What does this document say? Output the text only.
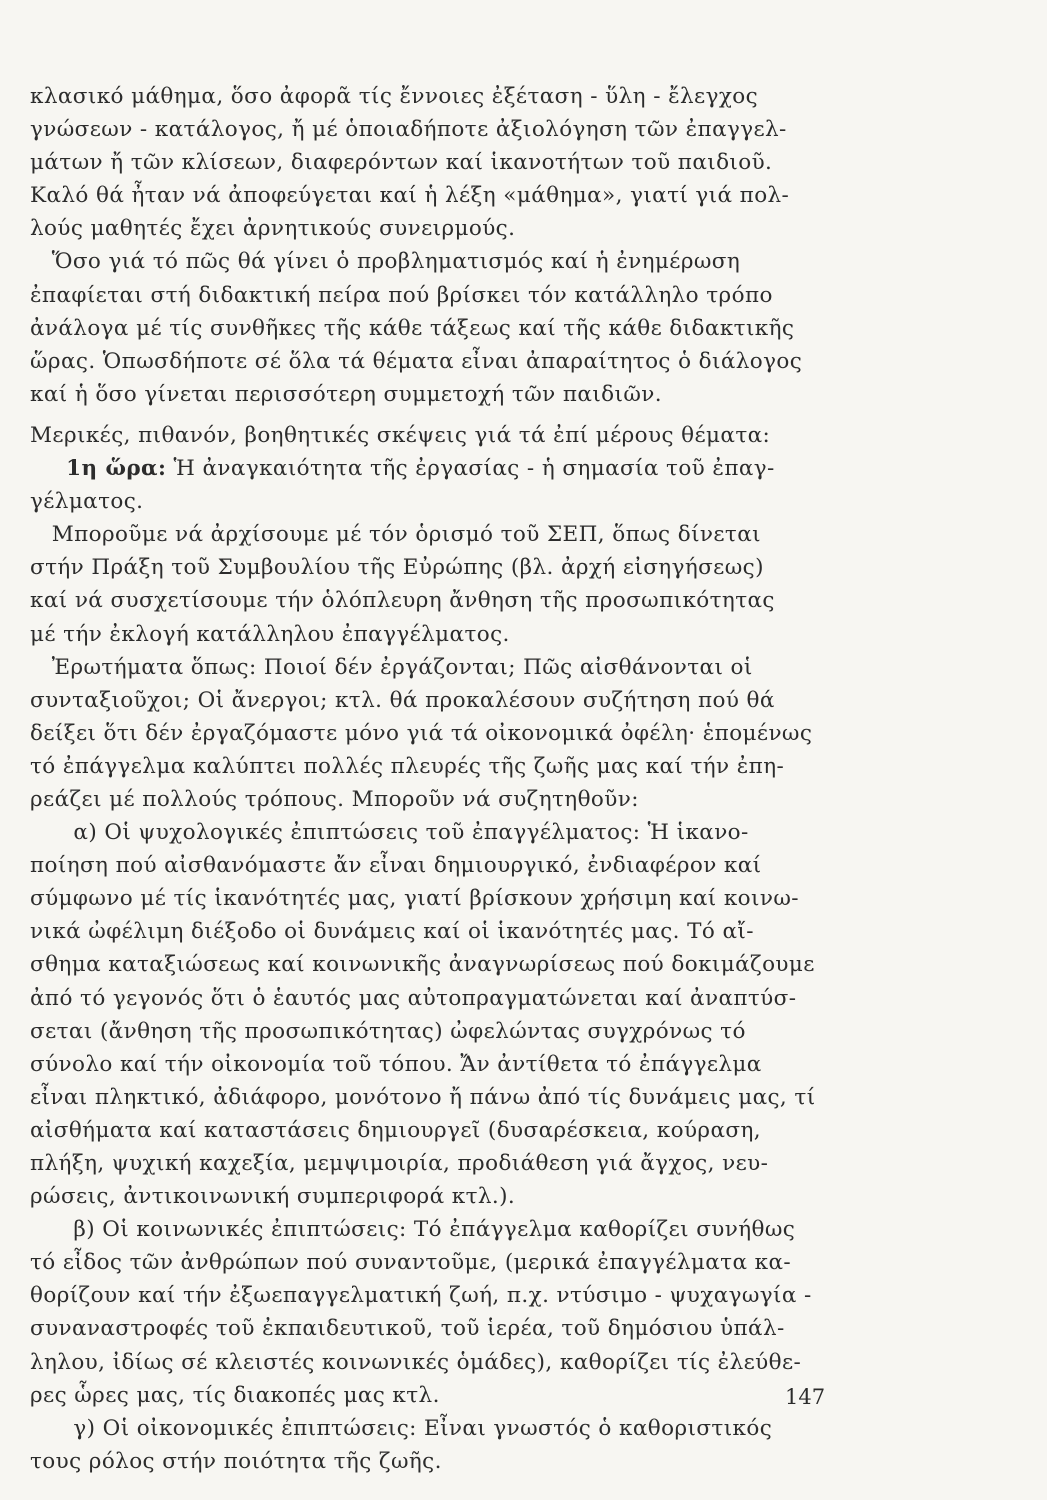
κλασικό μάθημα, ὅσο ἀφορᾶ τίς ἔννοιες ἐξέταση - ὕλη - ἔλεγχος
γνώσεων - κατάλογος, ἤ μέ ὁποιαδήποτε ἀξιολόγηση τῶν ἐπαγγελ-
μάτων ἤ τῶν κλίσεων, διαφερόντων καί ἱκανοτήτων τοῦ παιδιοῦ.
Καλό θά ἦταν νά ἀποφεύγεται καί ἡ λέξη «μάθημα», γιατί γιά πολ-
λούς μαθητές ἔχει ἀρνητικούς συνειρμούς.
Ὅσο γιά τό πῶς θά γίνει ὁ προβληματισμός καί ἡ ἐνημέρωση
ἐπαφίεται στή διδακτική πείρα πού βρίσκει τόν κατάλληλο τρόπο
ἀνάλογα μέ τίς συνθῆκες τῆς κάθε τάξεως καί τῆς κάθε διδακτικῆς
ὥρας. Ὁπωσδήποτε σέ ὅλα τά θέματα εἶναι ἀπαραίτητος ὁ διάλογος
καί ἡ ὅσο γίνεται περισσότερη συμμετοχή τῶν παιδιῶν.
Μερικές, πιθανόν, βοηθητικές σκέψεις γιά τά ἐπί μέρους θέματα:
1η ὥρα: Ἡ ἀναγκαιότητα τῆς ἐργασίας - ἡ σημασία τοῦ ἐπαγ-
γέλματος.
Μποροῦμε νά ἀρχίσουμε μέ τόν ὁρισμό τοῦ ΣΕΠ, ὅπως δίνεται
στήν Πράξη τοῦ Συμβουλίου τῆς Εὐρώπης (βλ. ἀρχή εἰσηγήσεως)
καί νά συσχετίσουμε τήν ὁλόπλευρη ἄνθηση τῆς προσωπικότητας
μέ τήν ἐκλογή κατάλληλου ἐπαγγέλματος.
Ἐρωτήματα ὅπως: Ποιοί δέν ἐργάζονται; Πῶς αἰσθάνονται οἱ
συνταξιοῦχοι; Οἱ ἄνεργοι; κτλ. θά προκαλέσουν συζήτηση πού θά
δείξει ὅτι δέν ἐργαζόμαστε μόνο γιά τά οἰκονομικά ὀφέλη· ἑπομένως
τό ἐπάγγελμα καλύπτει πολλές πλευρές τῆς ζωῆς μας καί τήν ἐπη-
ρεάζει μέ πολλούς τρόπους. Μποροῦν νά συζητηθοῦν:
α) Οἱ ψυχολογικές ἐπιπτώσεις τοῦ ἐπαγγέλματος: Ἡ ἱκανο-
ποίηση πού αἰσθανόμαστε ἄν εἶναι δημιουργικό, ἐνδιαφέρον καί
σύμφωνο μέ τίς ἱκανότητές μας, γιατί βρίσκουν χρήσιμη καί κοινω-
νικά ὠφέλιμη διέξοδο οἱ δυνάμεις καί οἱ ἱκανότητές μας. Τό αἴ-
σθημα καταξιώσεως καί κοινωνικῆς ἀναγνωρίσεως πού δοκιμάζουμε
ἀπό τό γεγονός ὅτι ὁ ἑαυτός μας αὐτοπραγματώνεται καί ἀναπτύσ-
σεται (ἄνθηση τῆς προσωπικότητας) ὠφελώντας συγχρόνως τό
σύνολο καί τήν οἰκονομία τοῦ τόπου. Ἄν ἀντίθετα τό ἐπάγγελμα
εἶναι πληκτικό, ἀδιάφορο, μονότονο ἤ πάνω ἀπό τίς δυνάμεις μας, τί
αἰσθήματα καί καταστάσεις δημιουργεῖ (δυσαρέσκεια, κούραση,
πλήξη, ψυχική καχεξία, μεμψιμοιρία, προδιάθεση γιά ἄγχος, νευ-
ρώσεις, ἀντικοινωνική συμπεριφορά κτλ.).
β) Οἱ κοινωνικές ἐπιπτώσεις: Τό ἐπάγγελμα καθορίζει συνήθως
τό εἶδος τῶν ἀνθρώπων πού συναντοῦμε, (μερικά ἐπαγγέλματα κα-
θορίζουν καί τήν ἐξωεπαγγελματική ζωή, π.χ. ντύσιμο - ψυχαγωγία -
συναναστροφές τοῦ ἐκπαιδευτικοῦ, τοῦ ἱερέα, τοῦ δημόσιου ὑπάλ-
ληλου, ἰδίως σέ κλειστές κοινωνικές ὁμάδες), καθορίζει τίς ἐλεύθε-
ρες ὧρες μας, τίς διακοπές μας κτλ.
γ) Οἱ οἰκονομικές ἐπιπτώσεις: Εἶναι γνωστός ὁ καθοριστικός
τους ρόλος στήν ποιότητα τῆς ζωῆς.
147
